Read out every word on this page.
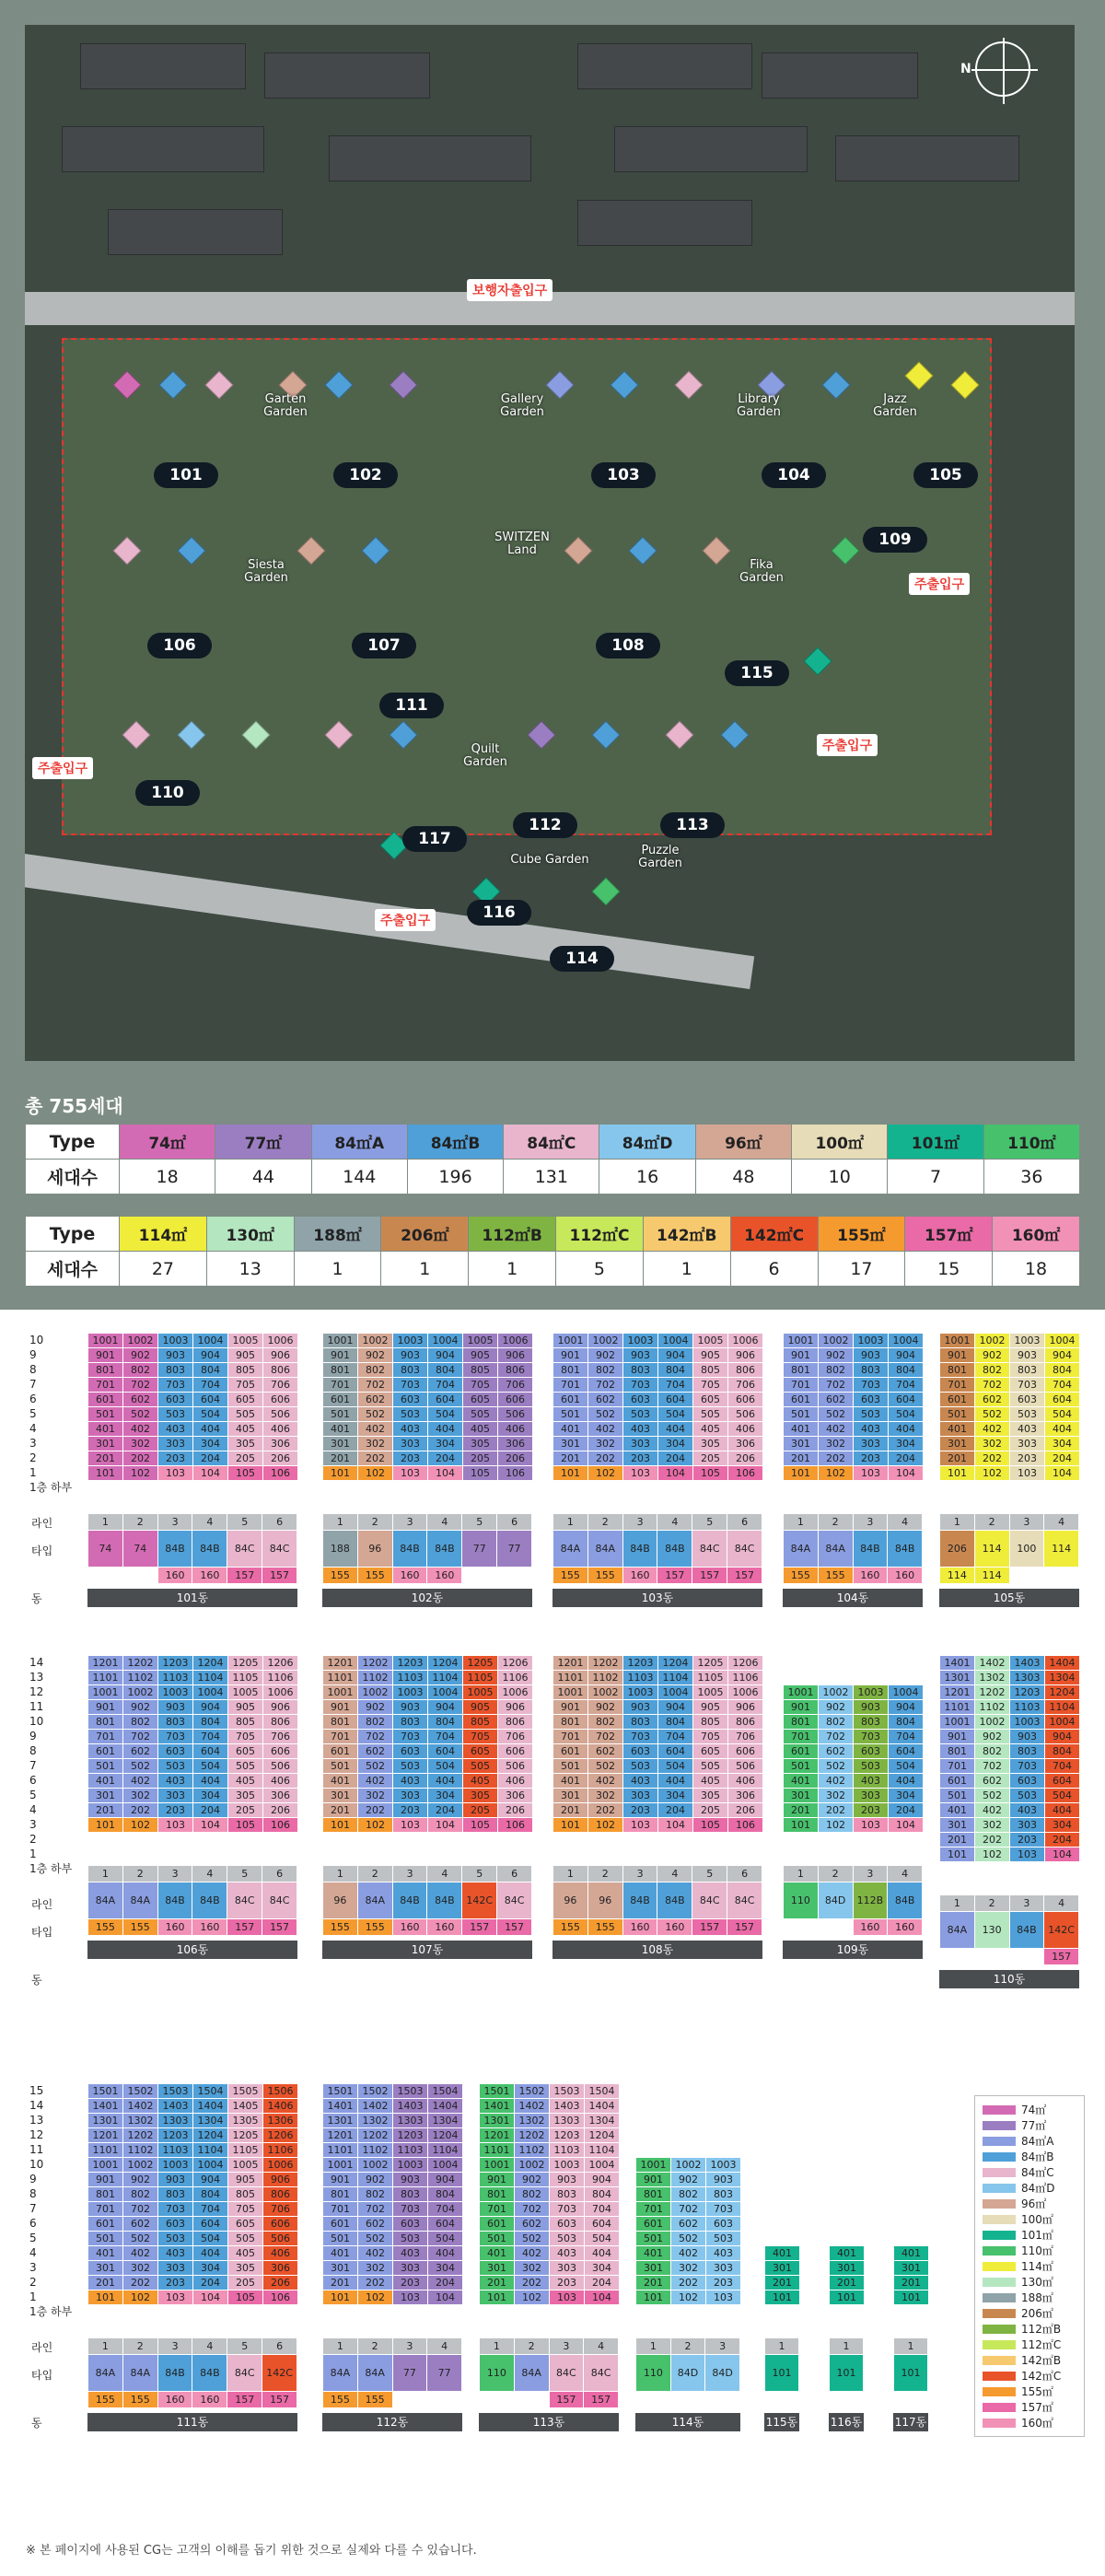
101	102	103	104	105
106	107	108
109
110
111
112	113
114
115
116
117
Garten Garden
Gallery Garden
Library Garden
Jazz Garden
Siesta Garden
SWITZEN Land
Fika Garden
Quilt Garden
Cube Garden
Puzzle Garden
보행자출입구
주출입구
주출입구
주출입구
주출입구
N
총 755세대
Type	74㎡	77㎡	84㎡A	84㎡B	84㎡C	84㎡D	96㎡	100㎡	101㎡	110㎡
세대수	18	44	144	196	131	16	48	10	7	36
Type	114㎡	130㎡	188㎡	206㎡	112㎡B	112㎡C	142㎡B	142㎡C	155㎡	157㎡	160㎡
세대수	27	13	1	1	1	5	1	6	17	15	18
74㎡
77㎡
84㎡A
84㎡B
84㎡C
84㎡D
96㎡
100㎡
101㎡
110㎡
114㎡
130㎡
188㎡
206㎡
112㎡B
112㎡C
142㎡B
142㎡C
155㎡
157㎡
160㎡
※ 본 페이지에 사용된 CG는 고객의 이해를 돕기 위한 것으로 실제와 다를 수 있습니다.
10
9
8
7
6
5
4
3
2
1
1층 하부
14
13
12
11
10
9
8
7
6
5
4
3
2
1
1층 하부
15
14
13
12
11
10
9
8
7
6
5
4
3
2
1
1층 하부
1001	1002	1003	1004	1005	1006
901	902	903	904	905	906
801	802	803	804	805	806
701	702	703	704	705	706
601	602	603	604	605	606
501	502	503	504	505	506
401	402	403	404	405	406
301	302	303	304	305	306
201	202	203	204	205	206
101	102	103	104	105	106

1	2	3	4	5	6
74	74	84B	84B	84C	84C
		160	160	157	157
101동
1001	1002	1003	1004	1005	1006
901	902	903	904	905	906
801	802	803	804	805	806
701	702	703	704	705	706
601	602	603	604	605	606
501	502	503	504	505	506
401	402	403	404	405	406
301	302	303	304	305	306
201	202	203	204	205	206
101	102	103	104	105	106

1	2	3	4	5	6
188	96	84B	84B	77	77
155	155	160	160		
102동
1001	1002	1003	1004	1005	1006
901	902	903	904	905	906
801	802	803	804	805	806
701	702	703	704	705	706
601	602	603	604	605	606
501	502	503	504	505	506
401	402	403	404	405	406
301	302	303	304	305	306
201	202	203	204	205	206
101	102	103	104	105	106

1	2	3	4	5	6
84A	84A	84B	84B	84C	84C
155	155	160	157	157	157
103동
1001	1002	1003	1004
901	902	903	904
801	802	803	804
701	702	703	704
601	602	603	604
501	502	503	504
401	402	403	404
301	302	303	304
201	202	203	204
101	102	103	104

1	2	3	4
84A	84A	84B	84B
155	155	160	160
104동
1001	1002	1003	1004
901	902	903	904
801	802	803	804
701	702	703	704
601	602	603	604
501	502	503	504
401	402	403	404
301	302	303	304
201	202	203	204
101	102	103	104

1	2	3	4
206	114	100	114
114	114		
105동
1201	1202	1203	1204	1205	1206
1101	1102	1103	1104	1105	1106
1001	1002	1003	1004	1005	1006
901	902	903	904	905	906
801	802	803	804	805	806
701	702	703	704	705	706
601	602	603	604	605	606
501	502	503	504	505	506
401	402	403	404	405	406
301	302	303	304	305	306
201	202	203	204	205	206
101	102	103	104	105	106

1	2	3	4	5	6
84A	84A	84B	84B	84C	84C
155	155	160	160	157	157
106동
1201	1202	1203	1204	1205	1206
1101	1102	1103	1104	1105	1106
1001	1002	1003	1004	1005	1006
901	902	903	904	905	906
801	802	803	804	805	806
701	702	703	704	705	706
601	602	603	604	605	606
501	502	503	504	505	506
401	402	403	404	405	406
301	302	303	304	305	306
201	202	203	204	205	206
101	102	103	104	105	106

1	2	3	4	5	6
96	84A	84B	84B	142C	84C
155	155	160	160	157	157
107동
1201	1202	1203	1204	1205	1206
1101	1102	1103	1104	1105	1106
1001	1002	1003	1004	1005	1006
901	902	903	904	905	906
801	802	803	804	805	806
701	702	703	704	705	706
601	602	603	604	605	606
501	502	503	504	505	506
401	402	403	404	405	406
301	302	303	304	305	306
201	202	203	204	205	206
101	102	103	104	105	106

1	2	3	4	5	6
96	96	84B	84B	84C	84C
155	155	160	160	157	157
108동

1001	1002	1003	1004
901	902	903	904
801	802	803	804
701	702	703	704
601	602	603	604
501	502	503	504
401	402	403	404
301	302	303	304
201	202	203	204
101	102	103	104

1	2	3	4
110	84D	112B	84B
		160	160
109동
1401	1402	1403	1404
1301	1302	1303	1304
1201	1202	1203	1204
1101	1102	1103	1104
1001	1002	1003	1004
901	902	903	904
801	802	803	804
701	702	703	704
601	602	603	604
501	502	503	504
401	402	403	404
301	302	303	304
201	202	203	204
101	102	103	104

1	2	3	4
84A	130	84B	142C
			157
110동
1501	1502	1503	1504	1505	1506
1401	1402	1403	1404	1405	1406
1301	1302	1303	1304	1305	1306
1201	1202	1203	1204	1205	1206
1101	1102	1103	1104	1105	1106
1001	1002	1003	1004	1005	1006
901	902	903	904	905	906
801	802	803	804	805	806
701	702	703	704	705	706
601	602	603	604	605	606
501	502	503	504	505	506
401	402	403	404	405	406
301	302	303	304	305	306
201	202	203	204	205	206
101	102	103	104	105	106

1	2	3	4	5	6
84A	84A	84B	84B	84C	142C
155	155	160	160	157	157
111동
1501	1502	1503	1504
1401	1402	1403	1404
1301	1302	1303	1304
1201	1202	1203	1204
1101	1102	1103	1104
1001	1002	1003	1004
901	902	903	904
801	802	803	804
701	702	703	704
601	602	603	604
501	502	503	504
401	402	403	404
301	302	303	304
201	202	203	204
101	102	103	104

1	2	3	4
84A	84A	77	77
155	155		
112동
1501	1502	1503	1504
1401	1402	1403	1404
1301	1302	1303	1304
1201	1202	1203	1204
1101	1102	1103	1104
1001	1002	1003	1004
901	902	903	904
801	802	803	804
701	702	703	704
601	602	603	604
501	502	503	504
401	402	403	404
301	302	303	304
201	202	203	204
101	102	103	104

1	2	3	4
110	84A	84C	84C
		157	157
113동

1001	1002	1003
901	902	903
801	802	803
701	702	703
601	602	603
501	502	503
401	402	403
301	302	303
201	202	203
101	102	103

1	2	3
110	84D	84D

114동

401
301
201
101

1
101

115동

401
301
201
101

1
101

116동

401
301
201
101

1
101

117동
라인
타입
동
라인
타입
동
라인
타입
동
